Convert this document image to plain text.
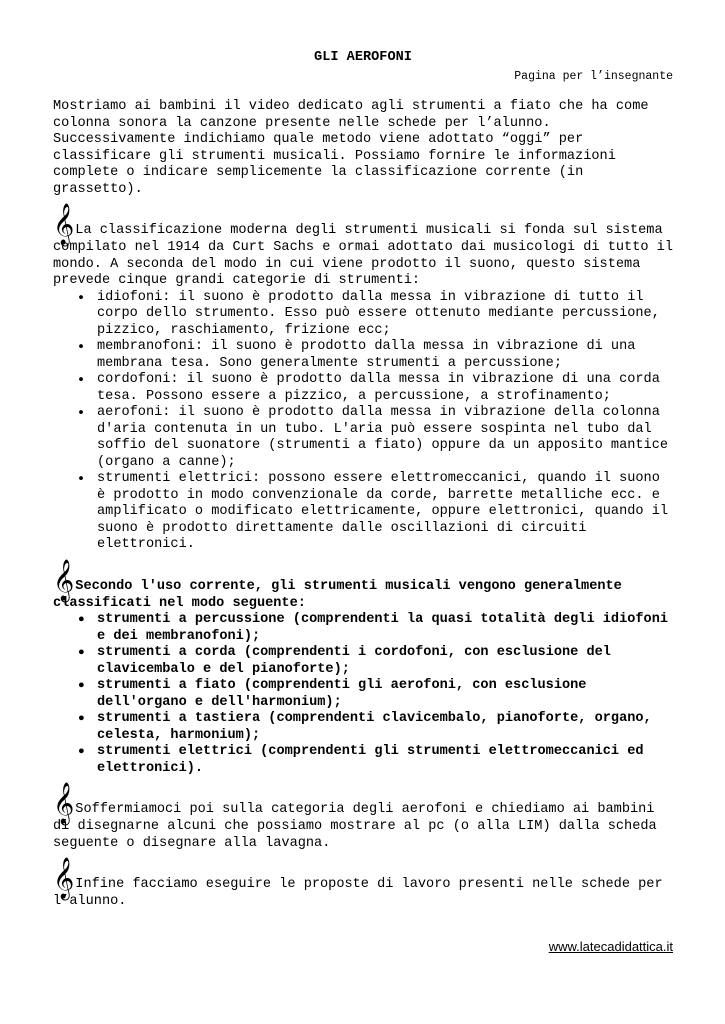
GLI AEROFONI
Pagina per l’insegnante

Mostriamo ai bambini il video dedicato agli strumenti a fiato che ha come colonna sonora la canzone presente nelle schede per l’alunno. Successivamente indichiamo quale metodo viene adottato “oggi” per classificare gli strumenti musicali. Possiamo fornire le informazioni complete o indicare semplicemente la classificazione corrente (in grassetto).

𝄞La classificazione moderna degli strumenti musicali si fonda sul sistema compilato nel 1914 da Curt Sachs e ormai adottato dai musicologi di tutto il mondo. A seconda del modo in cui viene prodotto il suono, questo sistema prevede cinque grandi categorie di strumenti:

• idiofoni: il suono è prodotto dalla messa in vibrazione di tutto il corpo dello strumento. Esso può essere ottenuto mediante percussione, pizzico, raschiamento, frizione ecc;
• membranofoni: il suono è prodotto dalla messa in vibrazione di una membrana tesa. Sono generalmente strumenti a percussione;
• cordofoni: il suono è prodotto dalla messa in vibrazione di una corda tesa. Possono essere a pizzico, a percussione, a strofinamento;
• aerofoni: il suono è prodotto dalla messa in vibrazione della colonna d'aria contenuta in un tubo. L'aria può essere sospinta nel tubo dal soffio del suonatore (strumenti a fiato) oppure da un apposito mantice (organo a canne);
• strumenti elettrici: possono essere elettromeccanici, quando il suono è prodotto in modo convenzionale da corde, barrette metalliche ecc. e amplificato o modificato elettricamente, oppure elettronici, quando il suono è prodotto direttamente dalle oscillazioni di circuiti elettronici.

𝄞Secondo l'uso corrente, gli strumenti musicali vengono generalmente classificati nel modo seguente:

• strumenti a percussione (comprendenti la quasi totalità degli idiofoni e dei membranofoni);
• strumenti a corda (comprendenti i cordofoni, con esclusione del clavicembalo e del pianoforte);
• strumenti a fiato (comprendenti gli aerofoni, con esclusione dell'organo e dell'harmonium);
• strumenti a tastiera (comprendenti clavicembalo, pianoforte, organo, celesta, harmonium);
• strumenti elettrici (comprendenti gli strumenti elettromeccanici ed elettronici).

𝄞Soffermiamoci poi sulla categoria degli aerofoni e chiediamo ai bambini di disegnarne alcuni che possiamo mostrare al pc (o alla LIM) dalla scheda seguente o disegnare alla lavagna.

𝄞Infine facciamo eseguire le proposte di lavoro presenti nelle schede per l’alunno.

www.latecadidattica.it
